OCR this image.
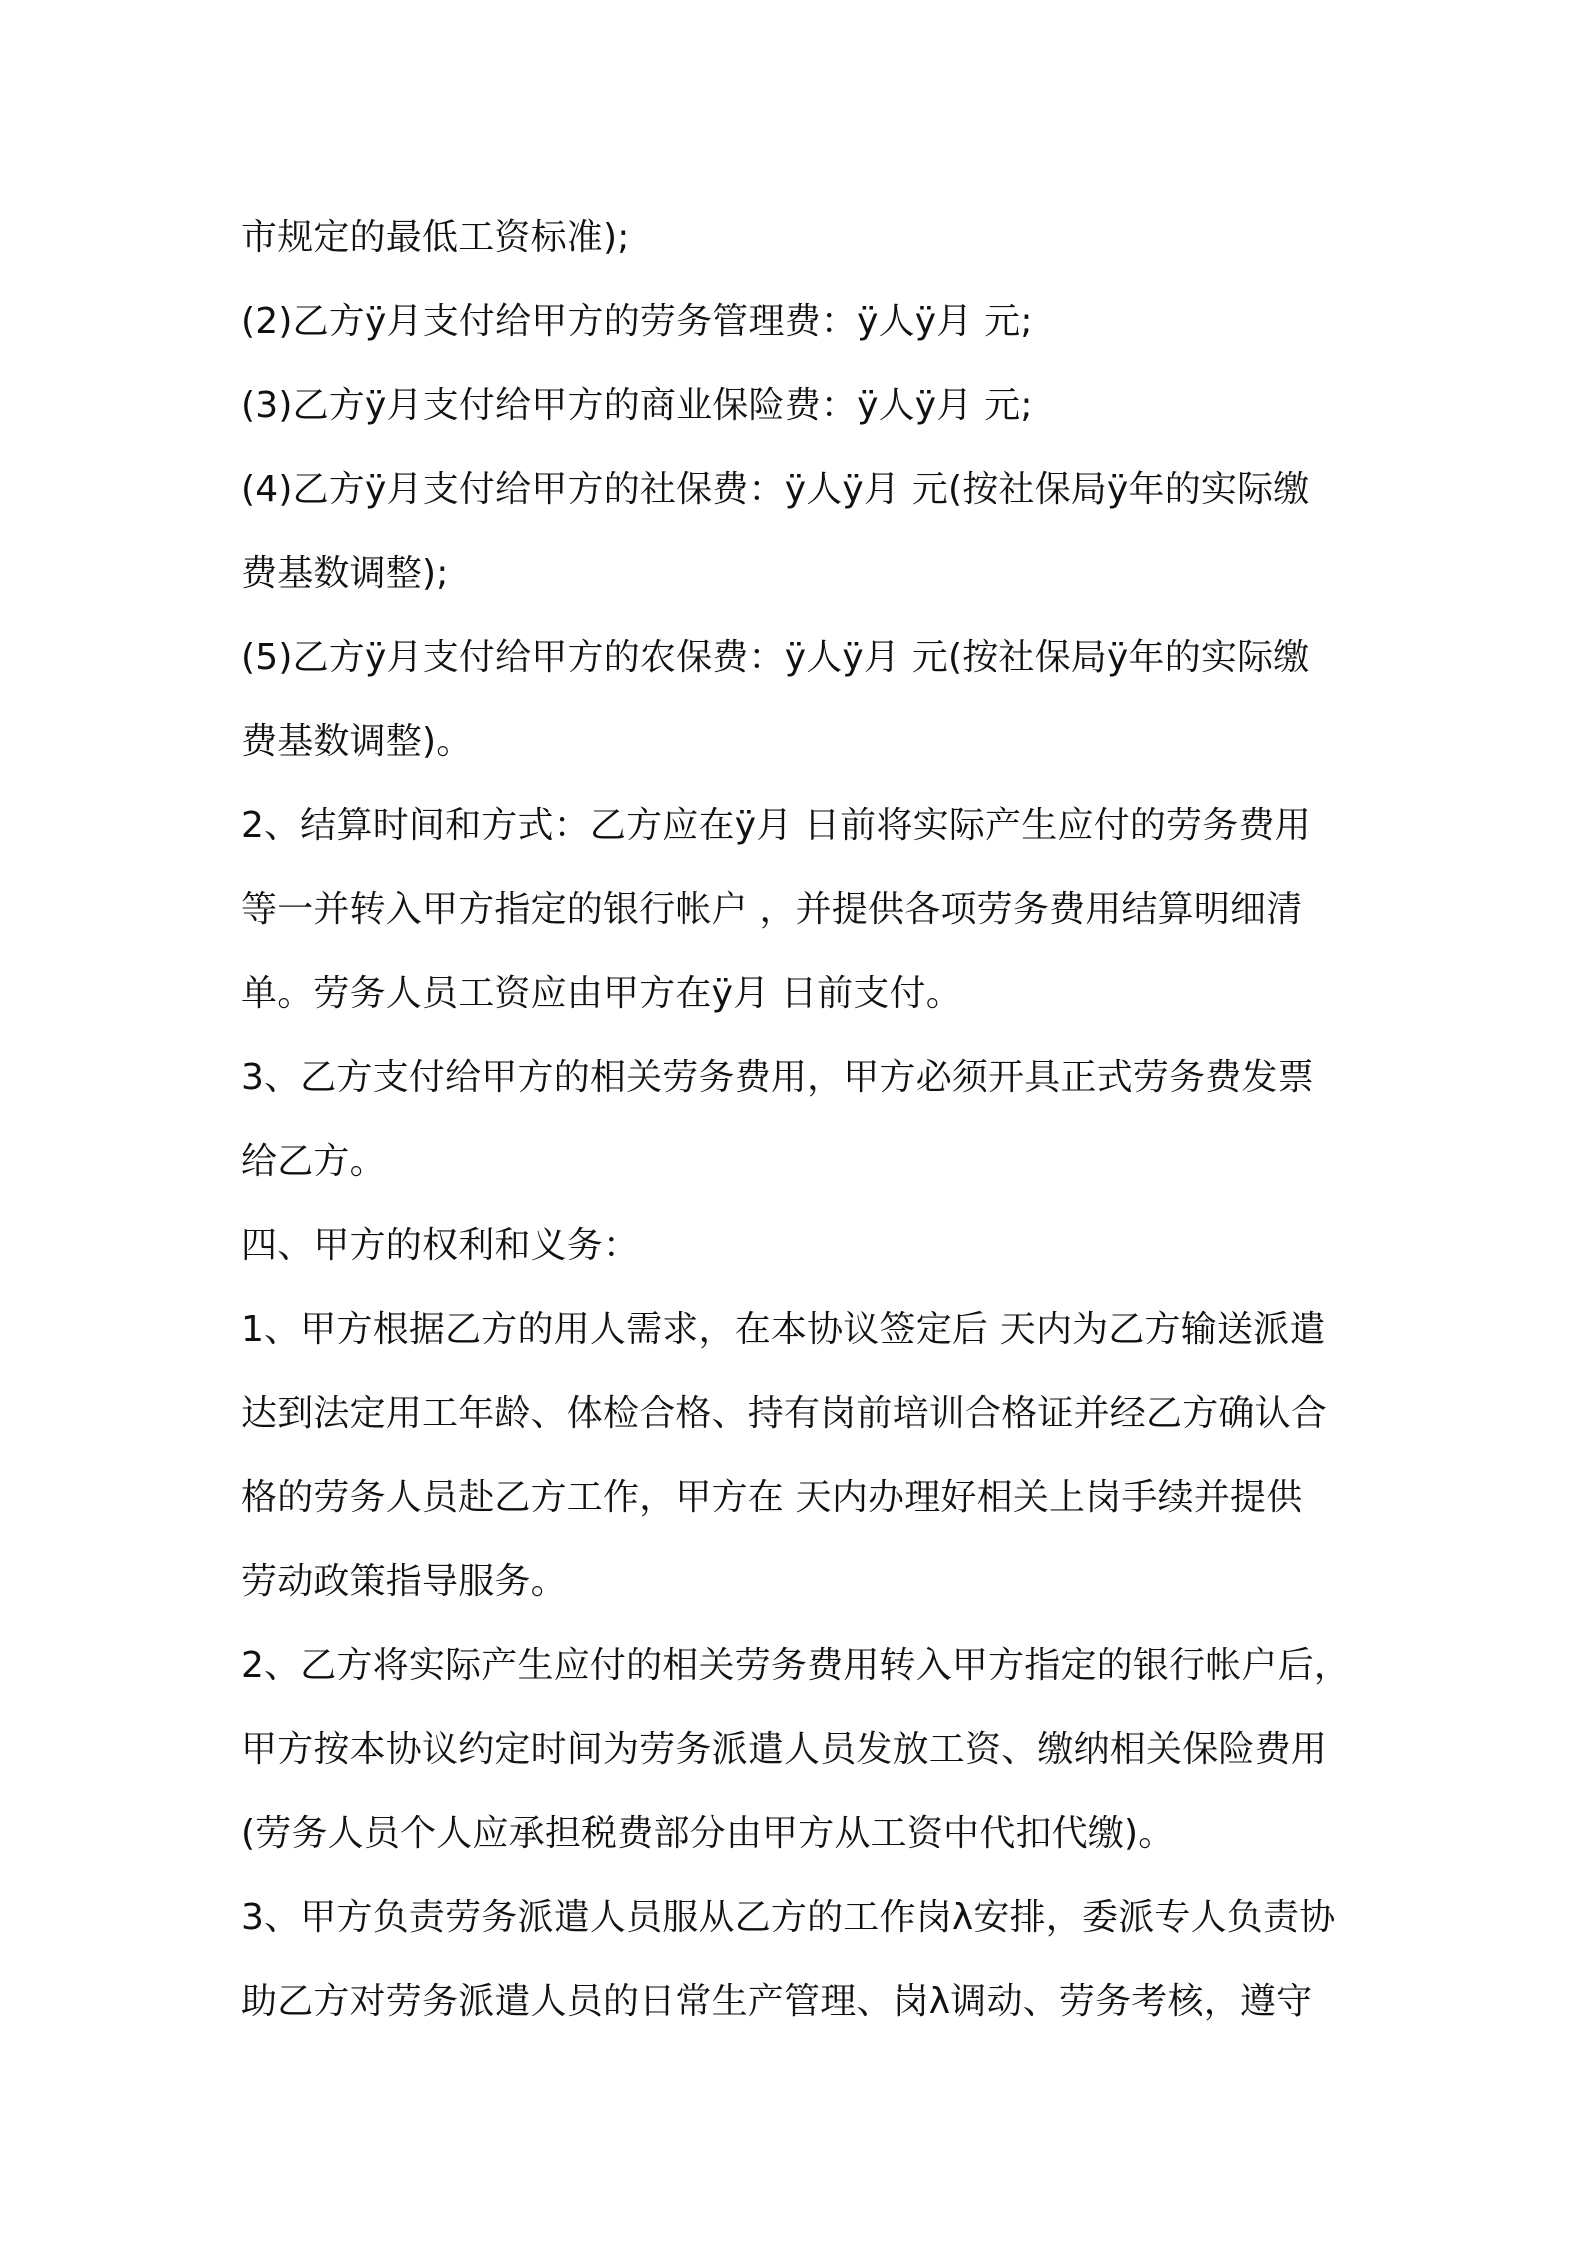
市规定的最低工资标准);
(2)乙方ÿ月支付给甲方的劳务管理费：ÿ人ÿ月 元;
(3)乙方ÿ月支付给甲方的商业保险费：ÿ人ÿ月 元;
(4)乙方ÿ月支付给甲方的社保费：ÿ人ÿ月 元(按社保局ÿ年的实际缴
费基数调整);
(5)乙方ÿ月支付给甲方的农保费：ÿ人ÿ月 元(按社保局ÿ年的实际缴
费基数调整)。
2、结算时间和方式：乙方应在ÿ月 日前将实际产生应付的劳务费用
等一并转入甲方指定的银行帐户 ，并提供各项劳务费用结算明细清
单。劳务人员工资应由甲方在ÿ月 日前支付。
3、乙方支付给甲方的相关劳务费用，甲方必须开具正式劳务费发票
给乙方。
四、甲方的权利和义务：
1、甲方根据乙方的用人需求，在本协议签定后 天内为乙方输送派遣
达到法定用工年龄、体检合格、持有岗前培训合格证并经乙方确认合
格的劳务人员赴乙方工作，甲方在 天内办理好相关上岗手续并提供
劳动政策指导服务。
2、乙方将实际产生应付的相关劳务费用转入甲方指定的银行帐户后，
甲方按本协议约定时间为劳务派遣人员发放工资、缴纳相关保险费用
(劳务人员个人应承担税费部分由甲方从工资中代扣代缴)。
3、甲方负责劳务派遣人员服从乙方的工作岗λ安排，委派专人负责协
助乙方对劳务派遣人员的日常生产管理、岗λ调动、劳务考核，遵守
